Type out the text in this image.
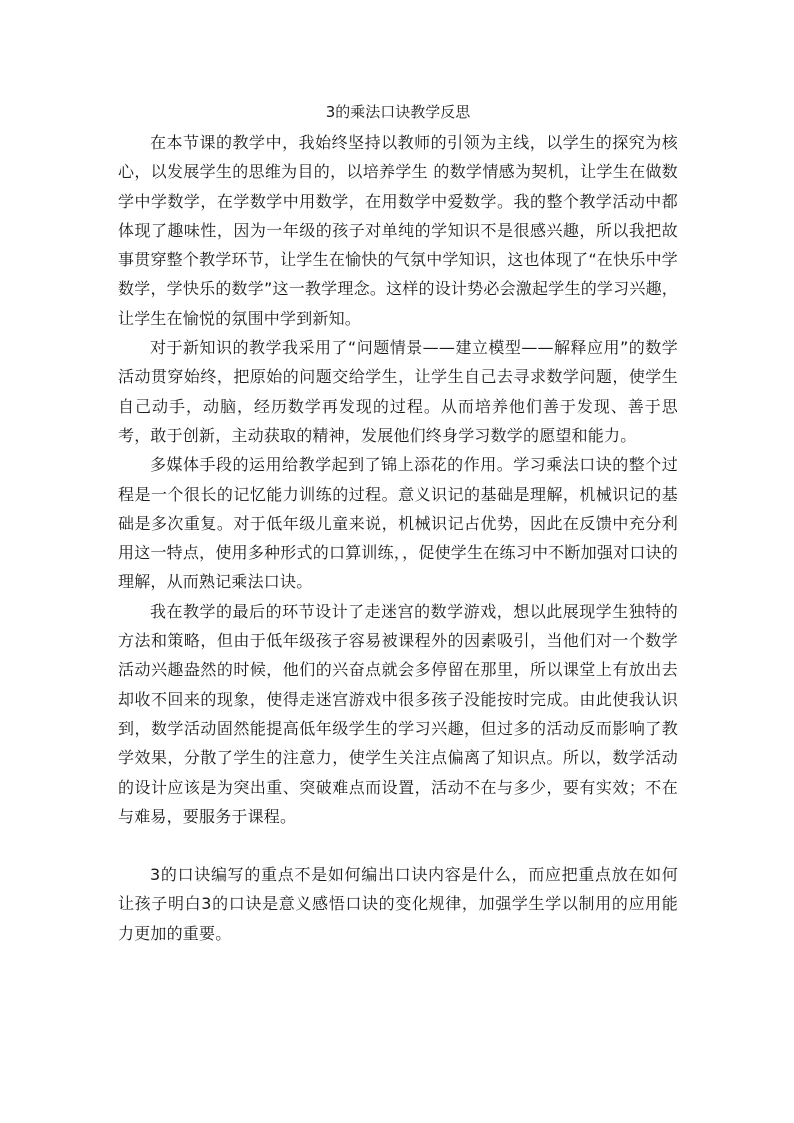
3的乘法口诀教学反思

在本节课的教学中，我始终坚持以教师的引领为主线，以学生的探究为核心，以发展学生的思维为目的，以培养学生 的数学情感为契机，让学生在做数学中学数学，在学数学中用数学，在用数学中爱数学。我的整个教学活动中都体现了趣味性，因为一年级的孩子对单纯的学知识不是很感兴趣，所以我把故事贯穿整个教学环节，让学生在愉快的气氛中学知识，这也体现了“在快乐中学数学，学快乐的数学”这一教学理念。这样的设计势必会激起学生的学习兴趣，让学生在愉悦的氛围中学到新知。

对于新知识的教学我采用了“问题情景——建立模型——解释应用”的数学活动贯穿始终，把原始的问题交给学生，让学生自己去寻求数学问题，使学生自己动手，动脑，经历数学再发现的过程。从而培养他们善于发现、善于思考，敢于创新，主动获取的精神，发展他们终身学习数学的愿望和能力。

多媒体手段的运用给教学起到了锦上添花的作用。学习乘法口诀的整个过程是一个很长的记忆能力训练的过程。意义识记的基础是理解，机械识记的基础是多次重复。对于低年级儿童来说，机械识记占优势，因此在反馈中充分利用这一特点，使用多种形式的口算训练，，促使学生在练习中不断加强对口诀的理解，从而熟记乘法口诀。

我在教学的最后的环节设计了走迷宫的数学游戏，想以此展现学生独特的方法和策略，但由于低年级孩子容易被课程外的因素吸引，当他们对一个数学活动兴趣盎然的时候，他们的兴奋点就会多停留在那里，所以课堂上有放出去却收不回来的现象，使得走迷宫游戏中很多孩子没能按时完成。由此使我认识到，数学活动固然能提高低年级学生的学习兴趣，但过多的活动反而影响了教学效果，分散了学生的注意力，使学生关注点偏离了知识点。所以，数学活动的设计应该是为突出重、突破难点而设置，活动不在与多少，要有实效；不在与难易，要服务于课程。

3的口诀编写的重点不是如何编出口诀内容是什么，而应把重点放在如何让孩子明白3的口诀是意义感悟口诀的变化规律，加强学生学以制用的应用能力更加的重要。
